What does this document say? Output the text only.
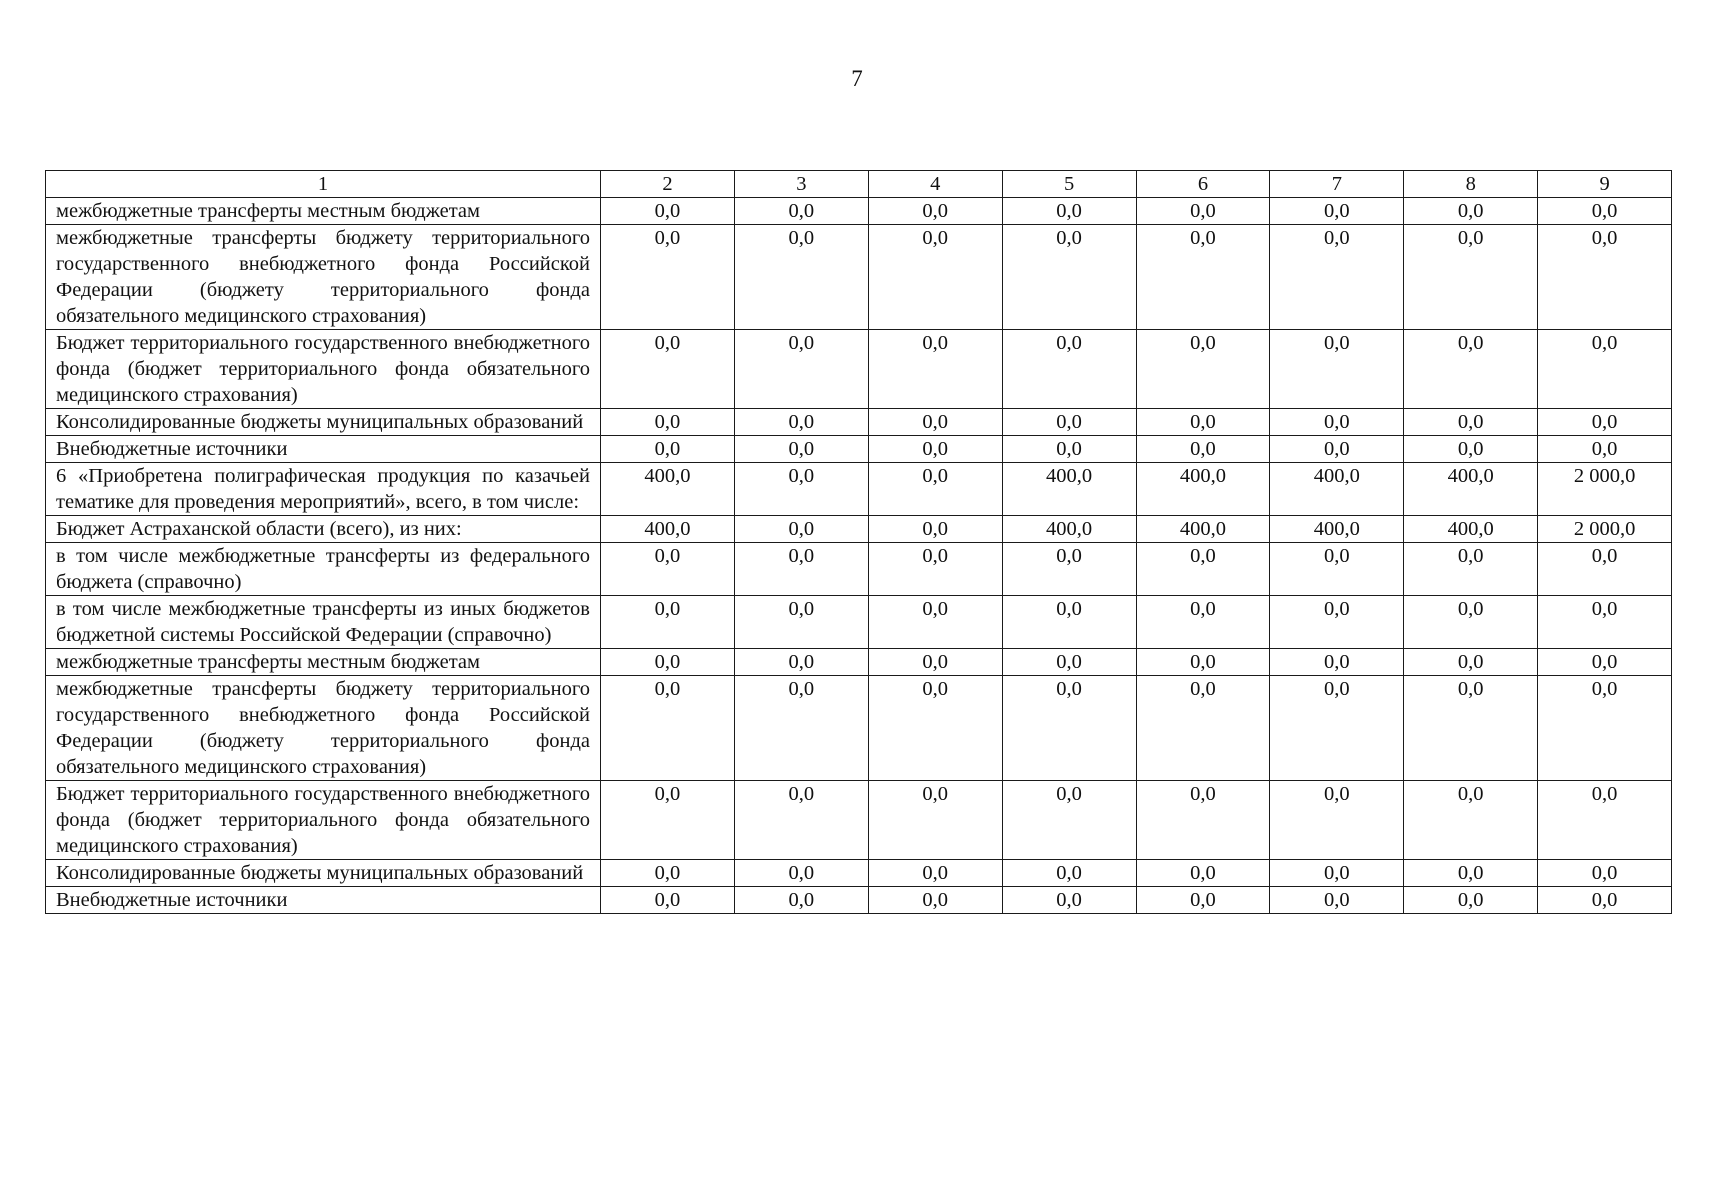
7
1	2	3	4	5	6	7	8	9
межбюджетные трансферты местным бюджетам	0,0	0,0	0,0	0,0	0,0	0,0	0,0	0,0
межбюджетные трансферты бюджету территориального государственного внебюджетного фонда Российской Федерации (бюджету территориального фонда обязательного медицинского страхования)	0,0	0,0	0,0	0,0	0,0	0,0	0,0	0,0
Бюджет территориального государственного внебюджетного фонда (бюджет территориального фонда обязательного медицинского страхования)	0,0	0,0	0,0	0,0	0,0	0,0	0,0	0,0
Консолидированные бюджеты муниципальных образований	0,0	0,0	0,0	0,0	0,0	0,0	0,0	0,0
Внебюджетные источники	0,0	0,0	0,0	0,0	0,0	0,0	0,0	0,0
6 «Приобретена полиграфическая продукция по казачьей тематике для проведения мероприятий», всего, в том числе:	400,0	0,0	0,0	400,0	400,0	400,0	400,0	2 000,0
Бюджет Астраханской области (всего), из них:	400,0	0,0	0,0	400,0	400,0	400,0	400,0	2 000,0
в том числе межбюджетные трансферты из федерального бюджета (справочно)	0,0	0,0	0,0	0,0	0,0	0,0	0,0	0,0
в том числе межбюджетные трансферты из иных бюджетов бюджетной системы Российской Федерации (справочно)	0,0	0,0	0,0	0,0	0,0	0,0	0,0	0,0
межбюджетные трансферты местным бюджетам	0,0	0,0	0,0	0,0	0,0	0,0	0,0	0,0
межбюджетные трансферты бюджету территориального государственного внебюджетного фонда Российской Федерации (бюджету территориального фонда обязательного медицинского страхования)	0,0	0,0	0,0	0,0	0,0	0,0	0,0	0,0
Бюджет территориального государственного внебюджетного фонда (бюджет территориального фонда обязательного медицинского страхования)	0,0	0,0	0,0	0,0	0,0	0,0	0,0	0,0
Консолидированные бюджеты муниципальных образований	0,0	0,0	0,0	0,0	0,0	0,0	0,0	0,0
Внебюджетные источники	0,0	0,0	0,0	0,0	0,0	0,0	0,0	0,0
